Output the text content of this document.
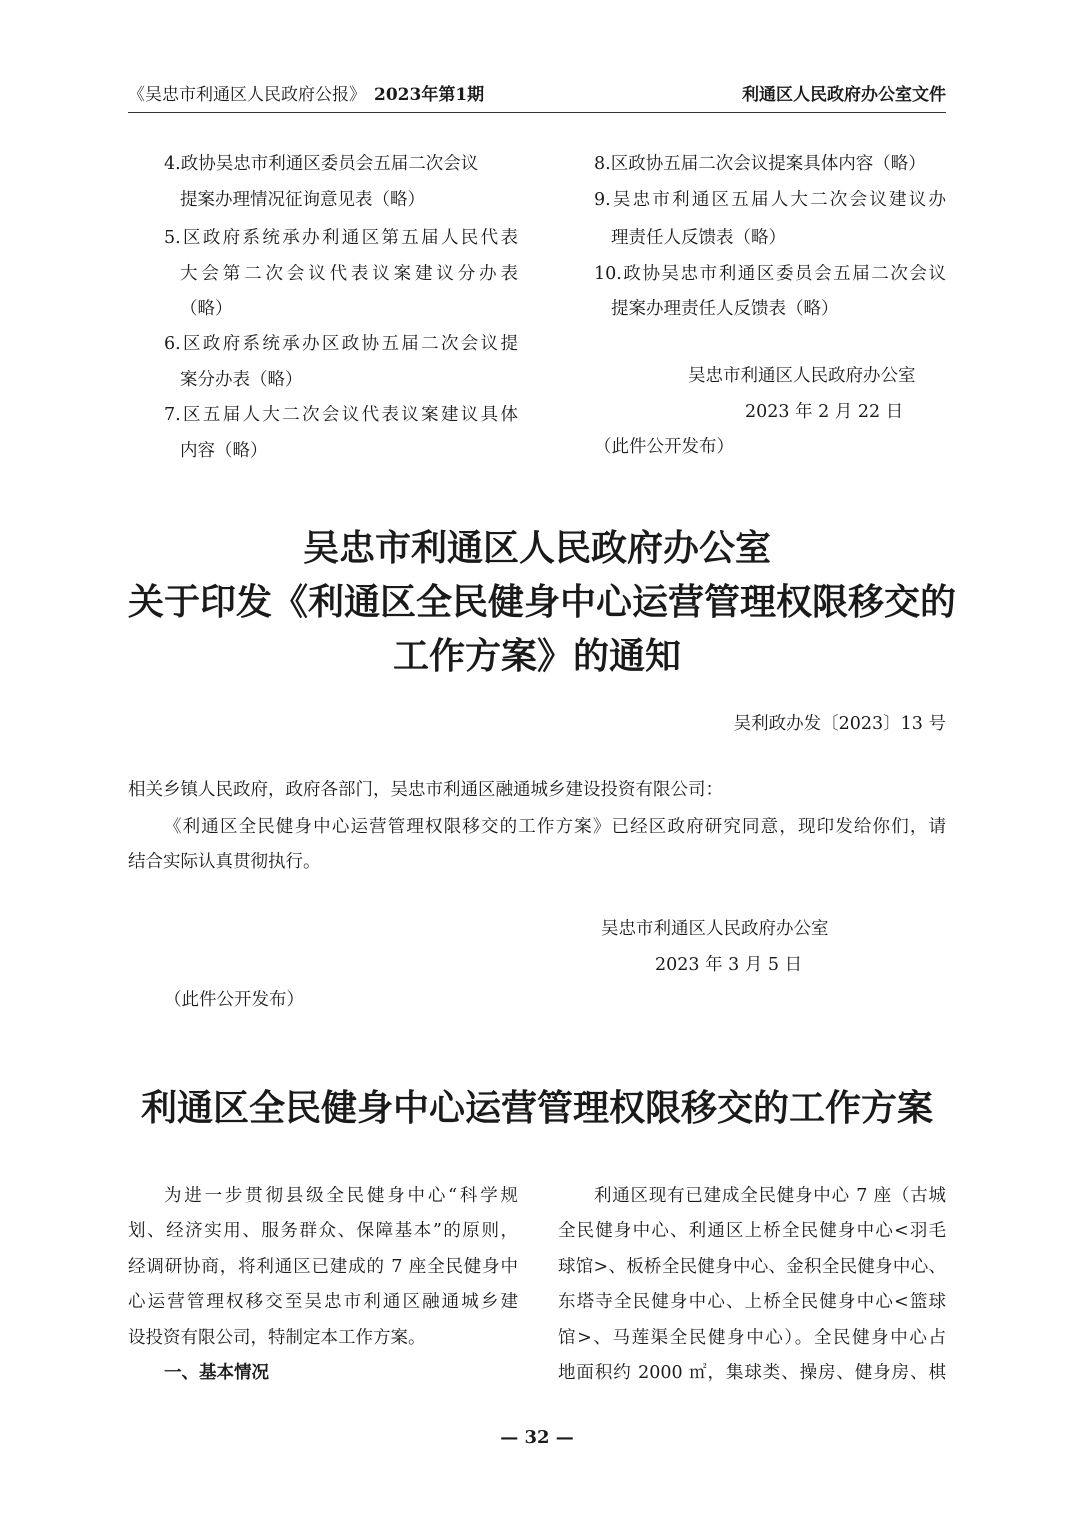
《吴忠市利通区人民政府公报》 2023年第1期	利通区人民政府办公室文件
4.政协吴忠市利通区委员会五届二次会议
提案办理情况征询意见表（略）
5.区政府系统承办利通区第五届人民代表
大会第二次会议代表议案建议分办表
（略）
6.区政府系统承办区政协五届二次会议提
案分办表（略）
7.区五届人大二次会议代表议案建议具体
内容（略）
8.区政协五届二次会议提案具体内容（略）
9.吴忠市利通区五届人大二次会议建议办
理责任人反馈表（略）
10.政协吴忠市利通区委员会五届二次会议
提案办理责任人反馈表（略）
吴忠市利通区人民政府办公室
2023 年 2 月 22 日
（此件公开发布）
吴忠市利通区人民政府办公室
关于印发《利通区全民健身中心运营管理权限移交的
工作方案》的通知
吴利政办发〔2023〕13 号
相关乡镇人民政府，政府各部门，吴忠市利通区融通城乡建设投资有限公司：
《利通区全民健身中心运营管理权限移交的工作方案》已经区政府研究同意，现印发给你们，请
结合实际认真贯彻执行。
吴忠市利通区人民政府办公室
2023 年 3 月 5 日
（此件公开发布）
利通区全民健身中心运营管理权限移交的工作方案
为进一步贯彻县级全民健身中心“科学规
划、经济实用、服务群众、保障基本”的原则，
经调研协商，将利通区已建成的 7 座全民健身中
心运营管理权移交至吴忠市利通区融通城乡建
设投资有限公司，特制定本工作方案。
一、基本情况
利通区现有已建成全民健身中心 7 座（古城
全民健身中心、利通区上桥全民健身中心<羽毛
球馆>、板桥全民健身中心、金积全民健身中心、
东塔寺全民健身中心、上桥全民健身中心<篮球
馆>、马莲渠全民健身中心）。全民健身中心占
地面积约 2000 ㎡，集球类、操房、健身房、棋
— 32 —
